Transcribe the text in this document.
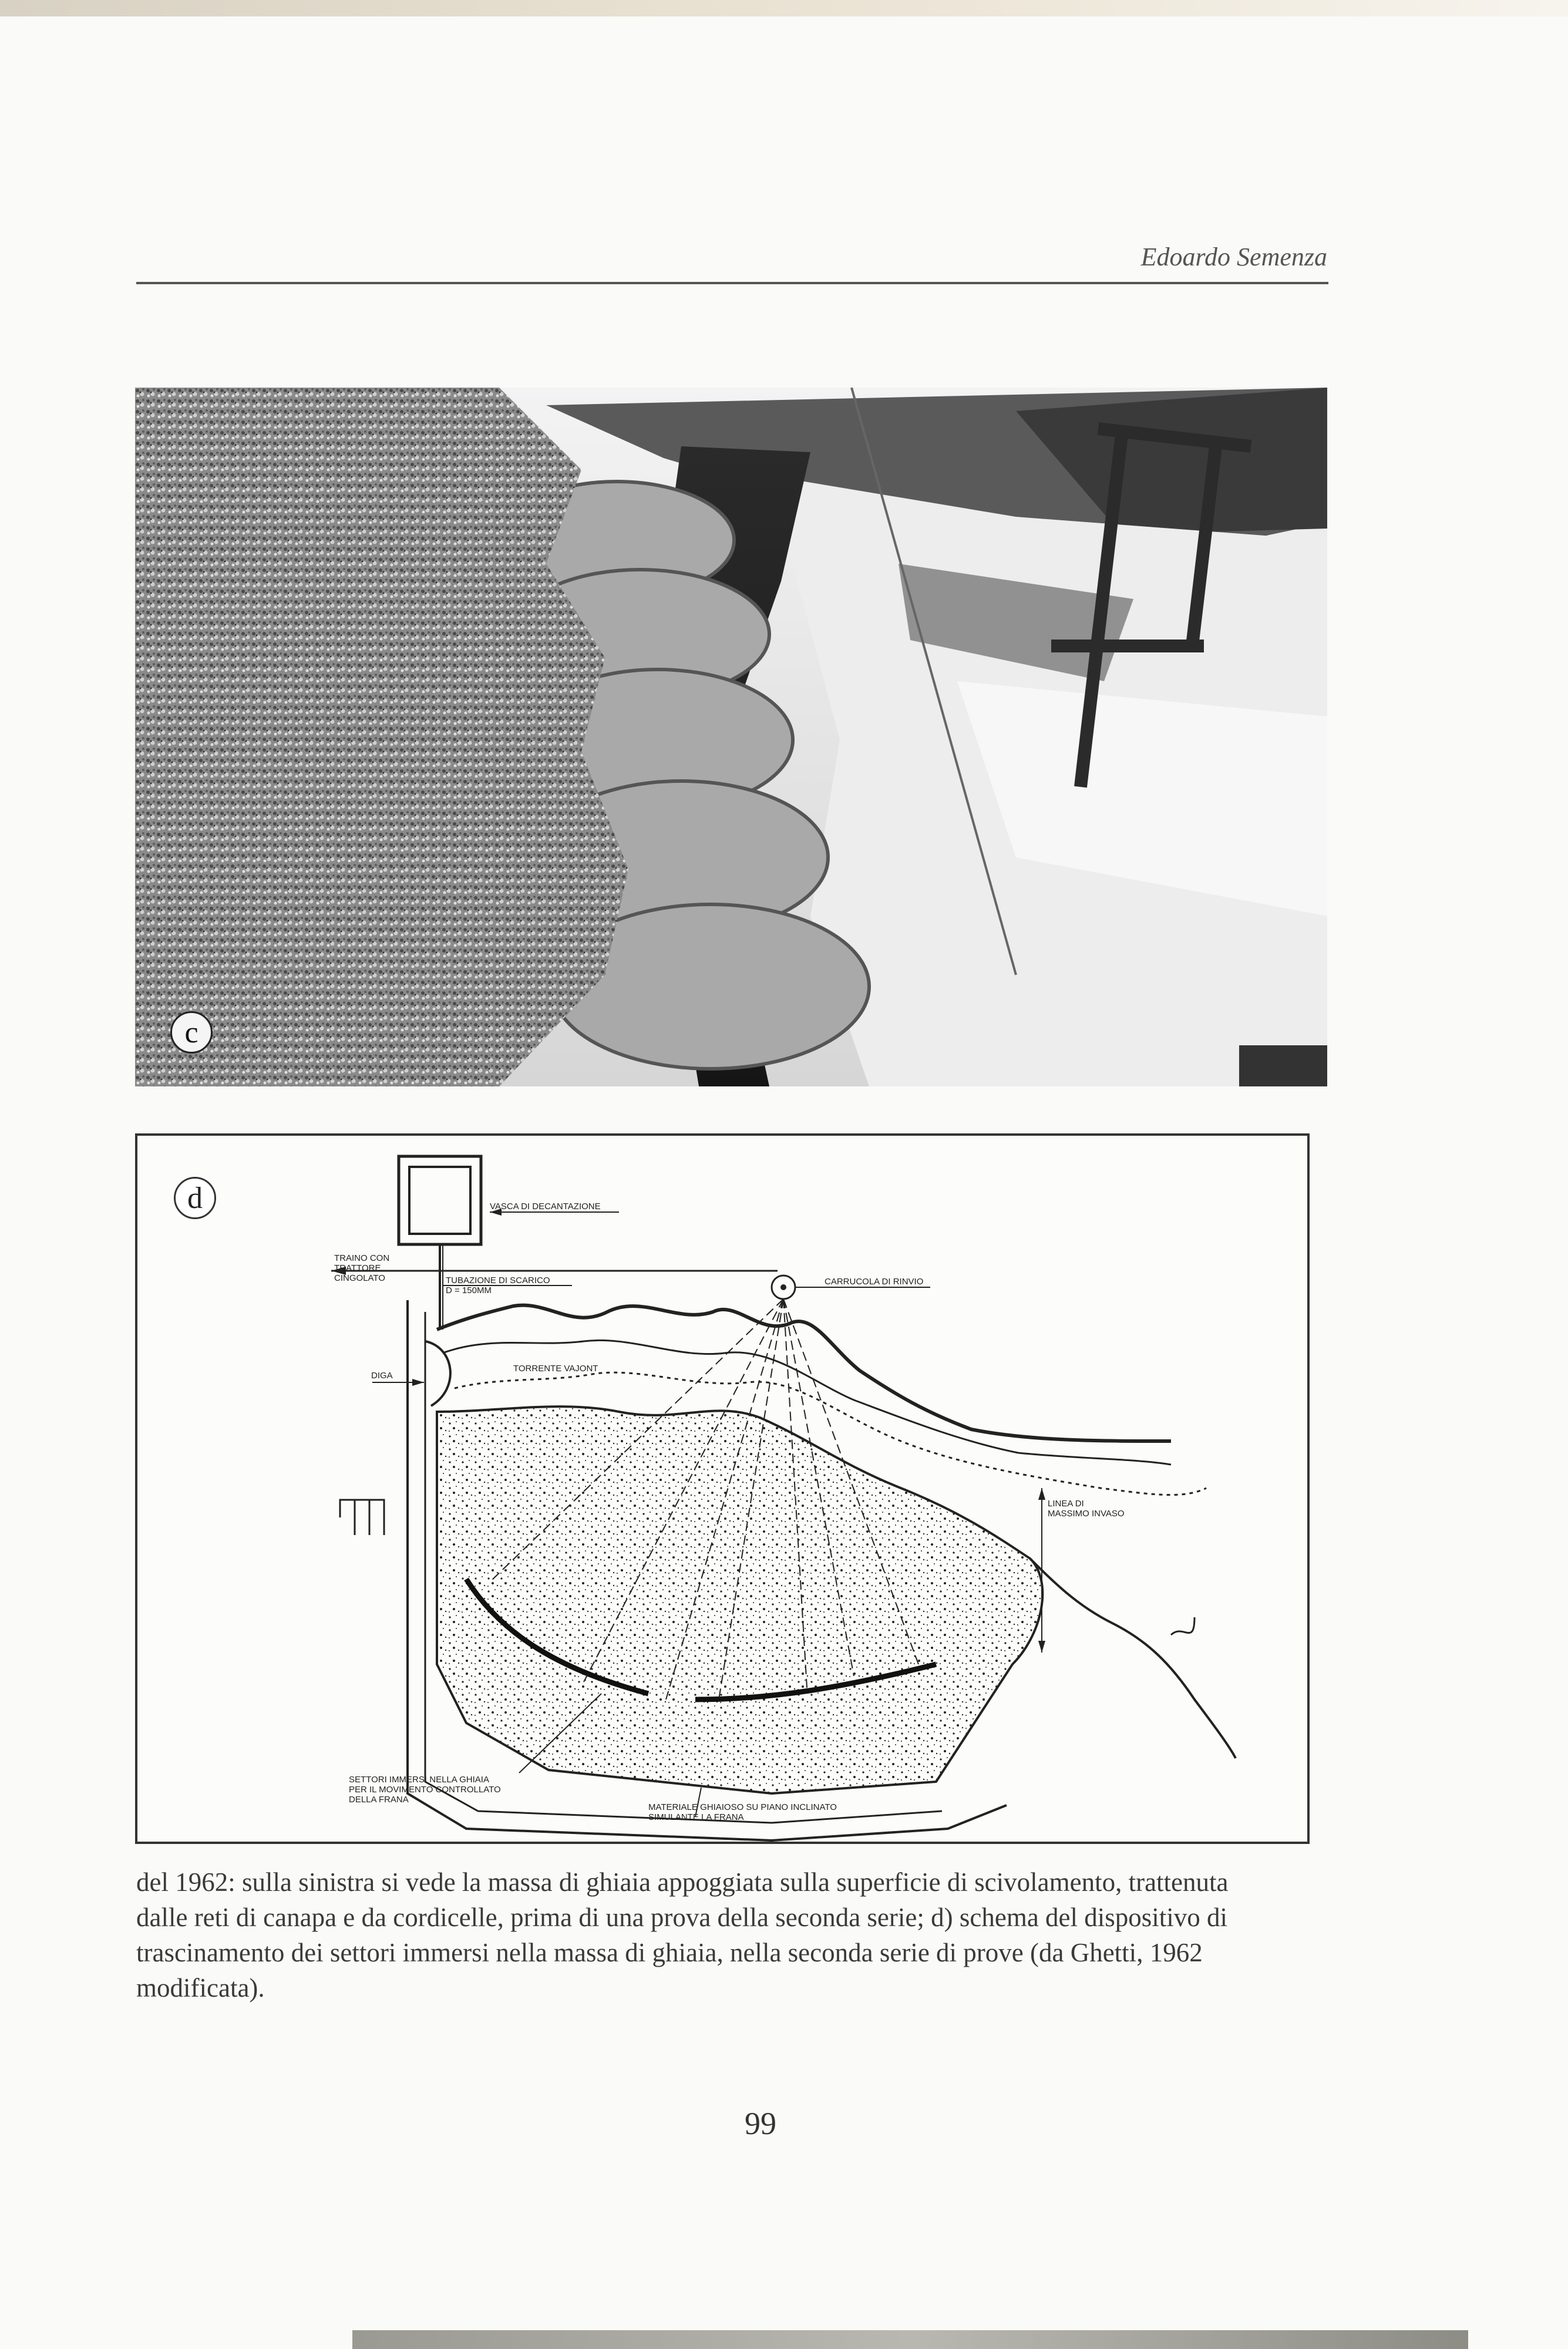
Edoardo Semenza
c
d	VASCA DI DECANTAZIONE
TRAINO CON
TRATTORE
CINGOLATO	TUBAZIONE DI SCARICO
D = 150MM
CARRUCOLA DI RINVIO
TORRENTE VAJONT
DIGA
LINEA DI
MASSIMO INVASO
SETTORI IMMERSI NELLA GHIAIA
PER IL MOVIMENTO CONTROLLATO
DELLA FRANA
MATERIALE GHIAIOSO SU PIANO INCLINATO
SIMULANTE LA FRANA
del 1962: sulla sinistra si vede la massa di ghiaia appoggiata sulla superficie di scivolamento, trattenuta
dalle reti di canapa e da cordicelle, prima di una prova della seconda serie; d) schema del dispositivo di
trascinamento dei settori immersi nella massa di ghiaia, nella seconda serie di prove (da Ghetti, 1962
modificata).
99
